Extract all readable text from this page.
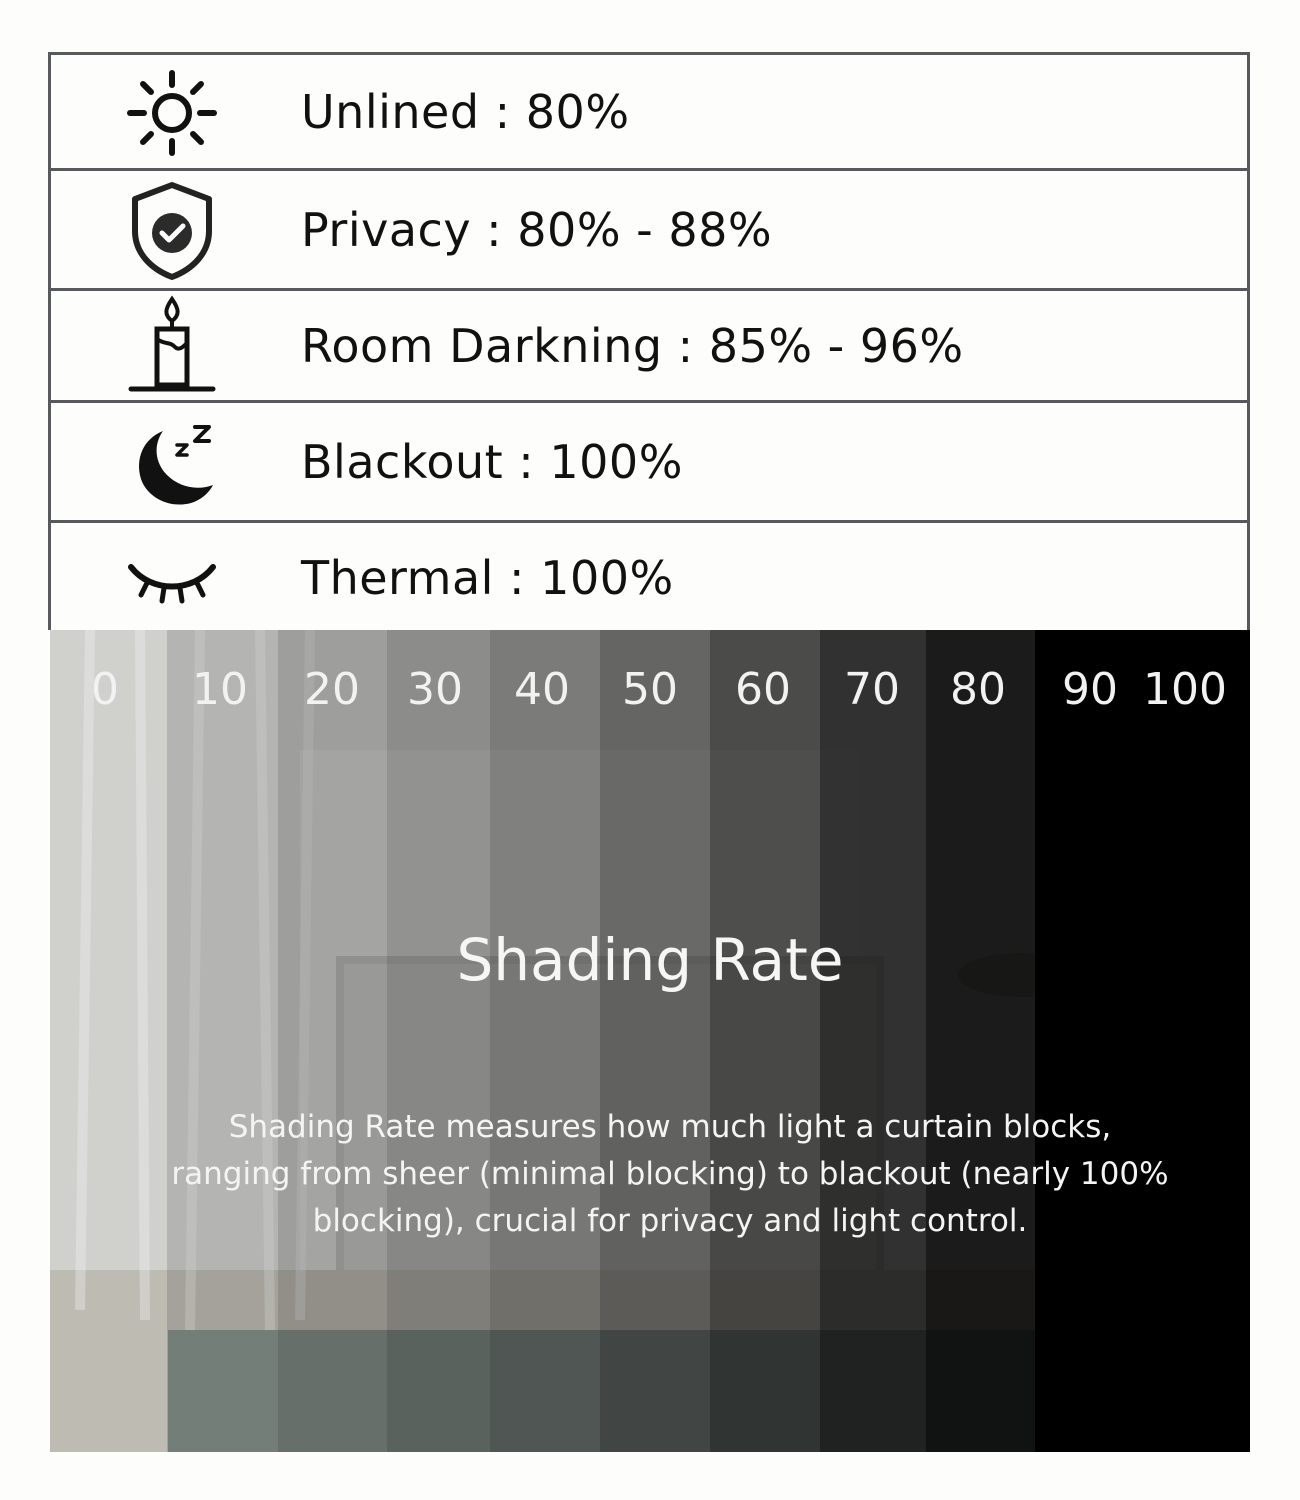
Unlined : 80%
Privacy : 80% - 88%
Room Darkning : 85% - 96%
Blackout : 100%
Thermal : 100%
0 10 20 30 40 50 60 70 80 90 100
Shading Rate
Shading Rate measures how much light a curtain blocks, ranging from sheer (minimal blocking) to blackout (nearly 100% blocking), crucial for privacy and light control.
